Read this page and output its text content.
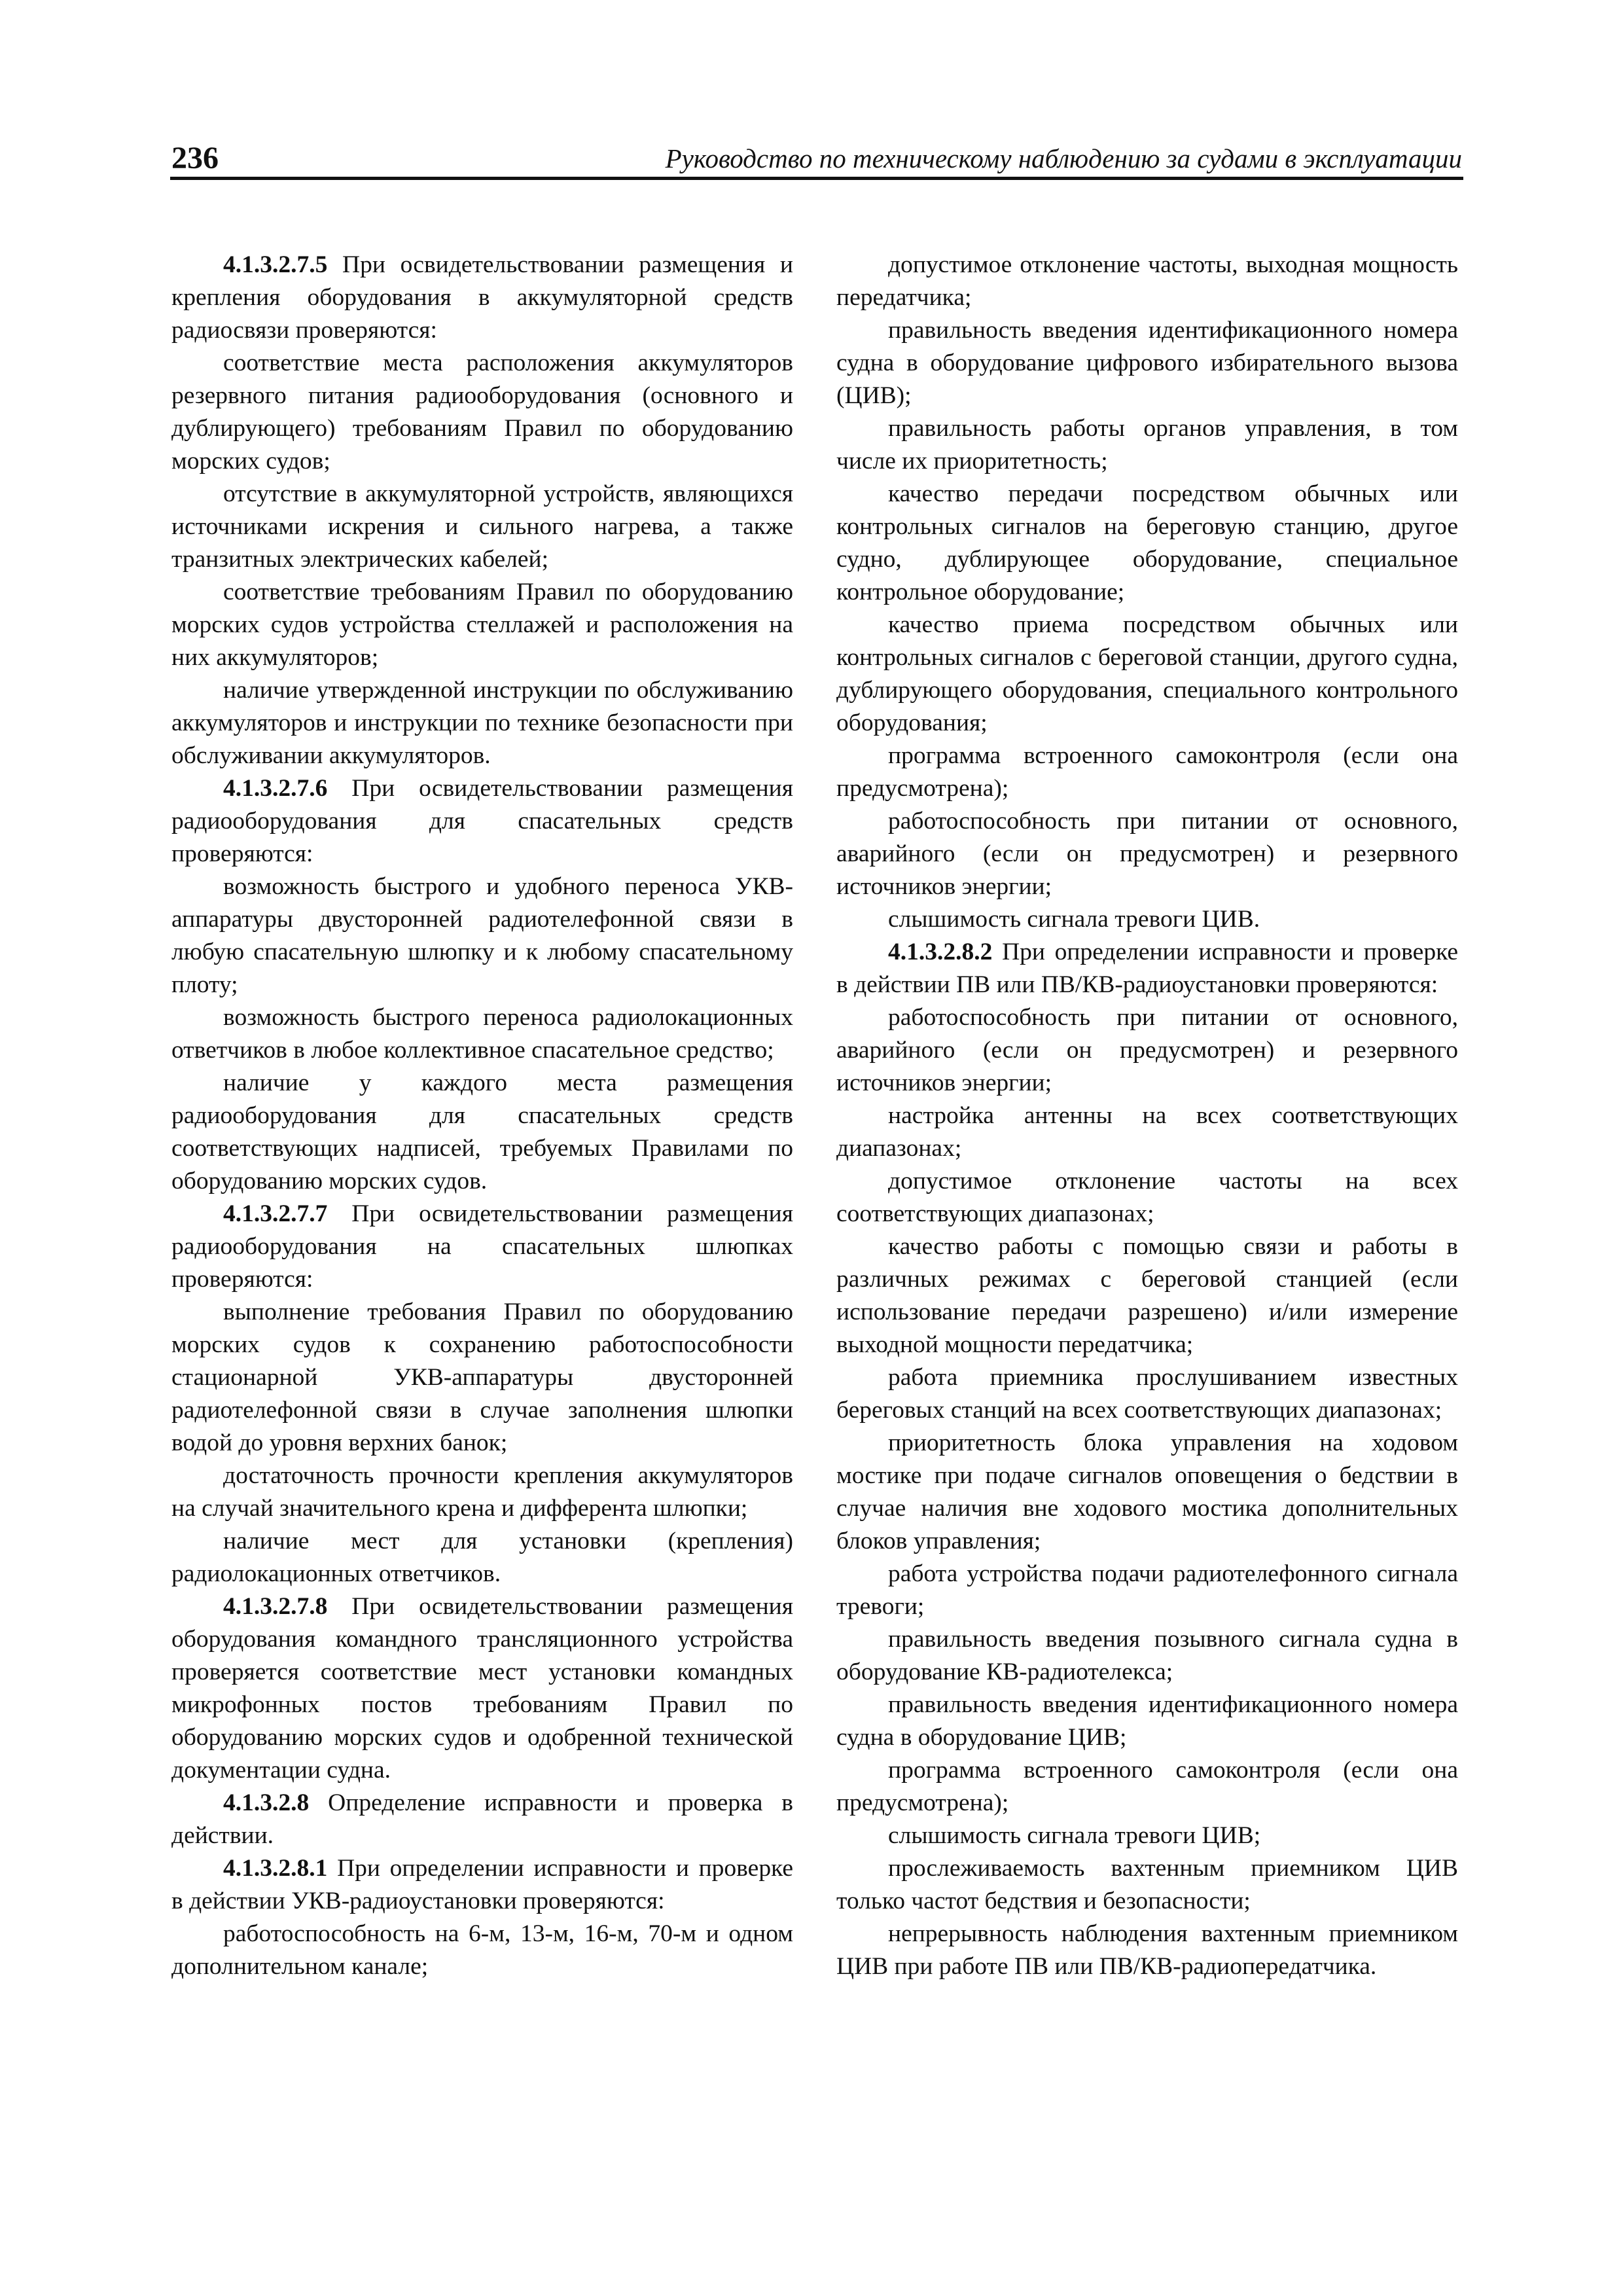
236	Руководство по техническому наблюдению за судами в эксплуатации

4.1.3.2.7.5 При освидетельствовании размещения и крепления оборудования в аккумуляторной средств радиосвязи проверяются:

соответствие места расположения аккумуляторов резервного питания радиооборудования (основного и дублирующего) требованиям Правил по оборудованию морских судов;

отсутствие в аккумуляторной устройств, являющихся источниками искрения и сильного нагрева, а также транзитных электрических кабелей;

соответствие требованиям Правил по оборудованию морских судов устройства стеллажей и расположения на них аккумуляторов;

наличие утвержденной инструкции по обслуживанию аккумуляторов и инструкции по технике безопасности при обслуживании аккумуляторов.

4.1.3.2.7.6 При освидетельствовании размещения радиооборудования для спасательных средств проверяются:

возможность быстрого и удобного переноса УКВ-аппаратуры двусторонней радиотелефонной связи в любую спасательную шлюпку и к любому спасательному плоту;

возможность быстрого переноса радиолокационных ответчиков в любое коллективное спасательное средство;

наличие у каждого места размещения радиооборудования для спасательных средств соответствующих надписей, требуемых Правилами по оборудованию морских судов.

4.1.3.2.7.7 При освидетельствовании размещения радиооборудования на спасательных шлюпках проверяются:

выполнение требования Правил по оборудованию морских судов к сохранению работоспособности стационарной УКВ-аппаратуры двусторонней радиотелефонной связи в случае заполнения шлюпки водой до уровня верхних банок;

достаточность прочности крепления аккумуляторов на случай значительного крена и дифферента шлюпки;

наличие мест для установки (крепления) радиолокационных ответчиков.

4.1.3.2.7.8 При освидетельствовании размещения оборудования командного трансляционного устройства проверяется соответствие мест установки командных микрофонных постов требованиям Правил по оборудованию морских судов и одобренной технической документации судна.

4.1.3.2.8 Определение исправности и проверка в действии.

4.1.3.2.8.1 При определении исправности и проверке в действии УКВ-радиоустановки проверяются:

работоспособность на 6-м, 13-м, 16-м, 70-м и одном дополнительном канале;

допустимое отклонение частоты, выходная мощность передатчика;

правильность введения идентификационного номера судна в оборудование цифрового избирательного вызова (ЦИВ);

правильность работы органов управления, в том числе их приоритетность;

качество передачи посредством обычных или контрольных сигналов на береговую станцию, другое судно, дублирующее оборудование, специальное контрольное оборудование;

качество приема посредством обычных или контрольных сигналов с береговой станции, другого судна, дублирующего оборудования, специального контрольного оборудования;

программа встроенного самоконтроля (если она предусмотрена);

работоспособность при питании от основного, аварийного (если он предусмотрен) и резервного источников энергии;

слышимость сигнала тревоги ЦИВ.

4.1.3.2.8.2 При определении исправности и проверке в действии ПВ или ПВ/КВ-радиоустановки проверяются:

работоспособность при питании от основного, аварийного (если он предусмотрен) и резервного источников энергии;

настройка антенны на всех соответствующих диапазонах;

допустимое отклонение частоты на всех соответствующих диапазонах;

качество работы с помощью связи и работы в различных режимах с береговой станцией (если использование передачи разрешено) и/или измерение выходной мощности передатчика;

работа приемника прослушиванием известных береговых станций на всех соответствующих диапазонах;

приоритетность блока управления на ходовом мостике при подаче сигналов оповещения о бедствии в случае наличия вне ходового мостика дополнительных блоков управления;

работа устройства подачи радиотелефонного сигнала тревоги;

правильность введения позывного сигнала судна в оборудование КВ-радиотелекса;

правильность введения идентификационного номера судна в оборудование ЦИВ;

программа встроенного самоконтроля (если она предусмотрена);

слышимость сигнала тревоги ЦИВ;

прослеживаемость вахтенным приемником ЦИВ только частот бедствия и безопасности;

непрерывность наблюдения вахтенным приемником ЦИВ при работе ПВ или ПВ/КВ-радиопередатчика.
